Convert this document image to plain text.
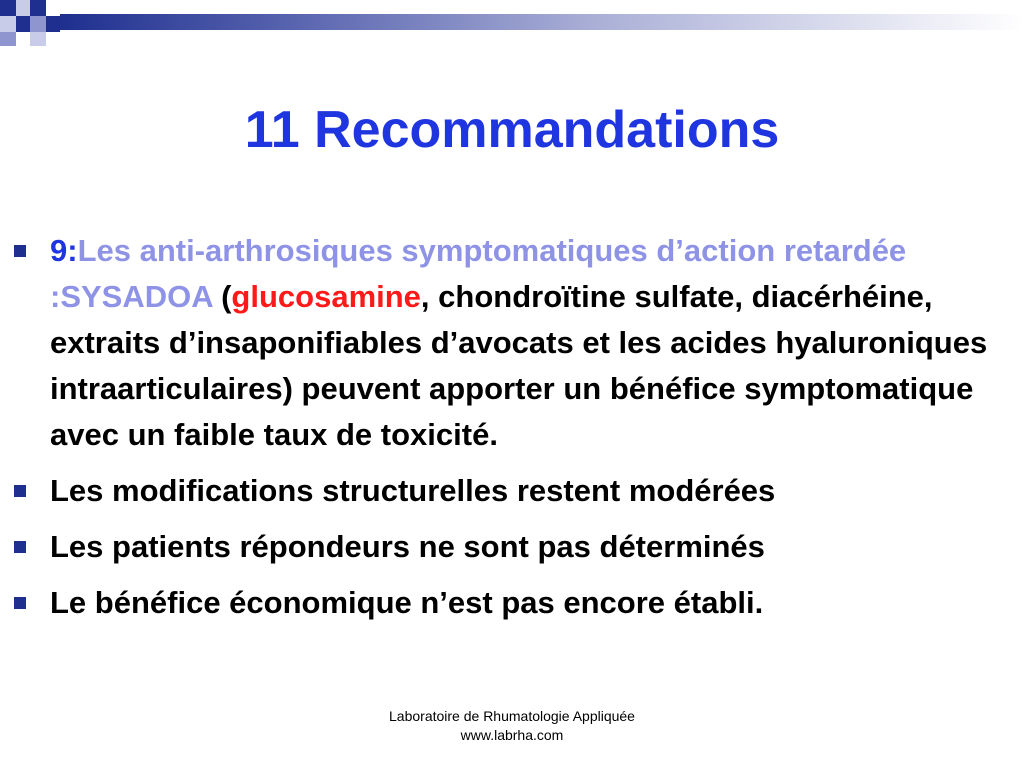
11 Recommandations
9:Les anti-arthrosiques symptomatiques d’action retardée :SYSADOA (glucosamine, chondroïtine sulfate, diacérhéine, extraits d’insaponifiables d’avocats et les acides hyaluroniques intraarticulaires) peuvent apporter un bénéfice symptomatique avec un faible taux de toxicité.
Les modifications structurelles restent modérées
Les patients répondeurs ne sont pas déterminés
Le bénéfice économique n’est pas encore établi.
Laboratoire de Rhumatologie Appliquée
www.labrha.com
